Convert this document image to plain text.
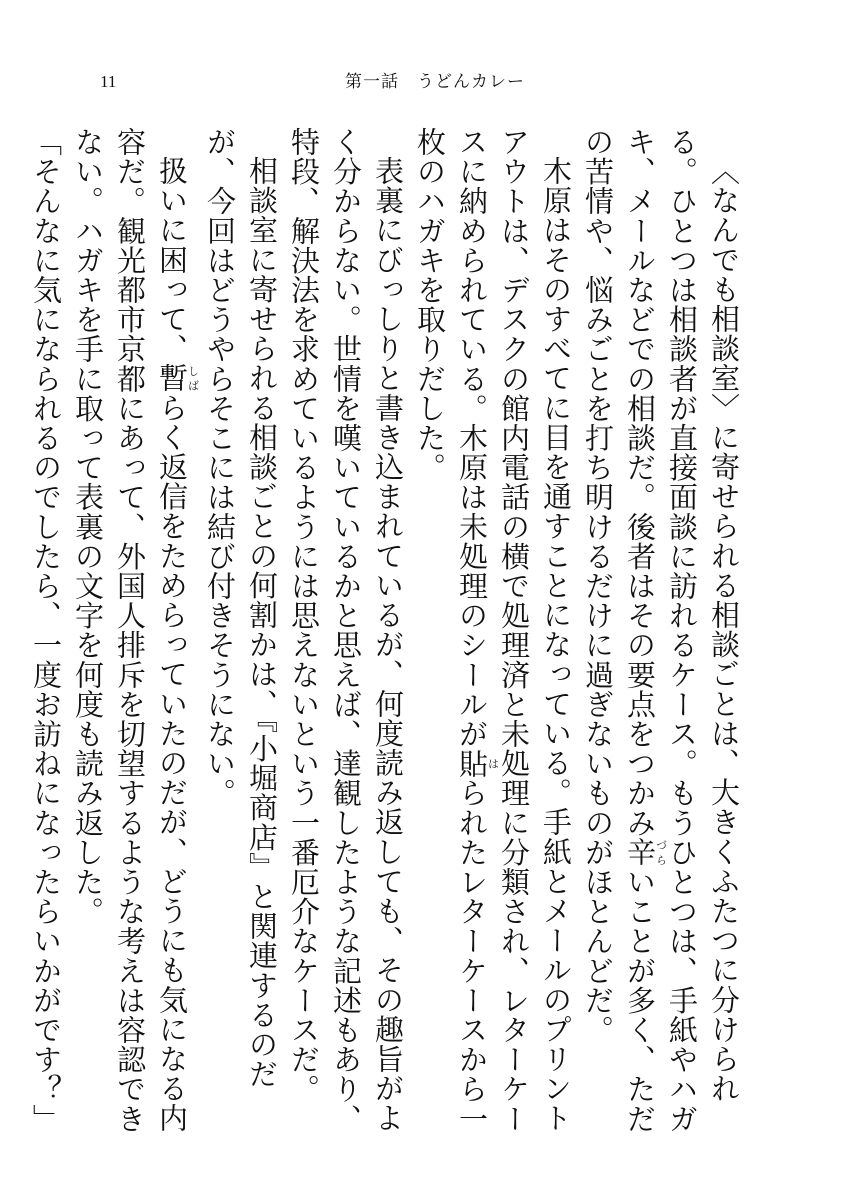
11	第一話　うどんカレー

〈なんでも相談室〉に寄せられる相談ごとは、大きくふたつに分けられる。ひとつは相談者が直接面談に訪れるケース。もうひとつは、手紙やハガキ、メールなどでの相談だ。後者はその要点をつかみ辛づらいことが多く、ただの苦情や、悩みごとを打ち明けるだけに過ぎないものがほとんどだ。

木原はそのすべてに目を通すことになっている。手紙とメールのプリントアウトは、デスクの館内電話の横で処理済と未処理に分類され、レターケースに納められている。木原は未処理のシールが貼はられたレターケースから一枚のハガキを取りだした。

表裏にびっしりと書き込まれているが、何度読み返しても、その趣旨がよく分からない。世情を嘆いているかと思えば、達観したような記述もあり、特段、解決法を求めているようには思えないという一番厄介なケースだ。

相談室に寄せられる相談ごとの何割かは、『小堀商店』と関連するのだが、今回はどうやらそこには結び付きそうにない。

扱いに困って、暫しばらく返信をためらっていたのだが、どうにも気になる内容だ。観光都市京都にあって、外国人排斥を切望するような考えは容認できない。ハガキを手に取って表裏の文字を何度も読み返した。

「そんなに気になられるのでしたら、一度お訪ねになったらいかがです？」
